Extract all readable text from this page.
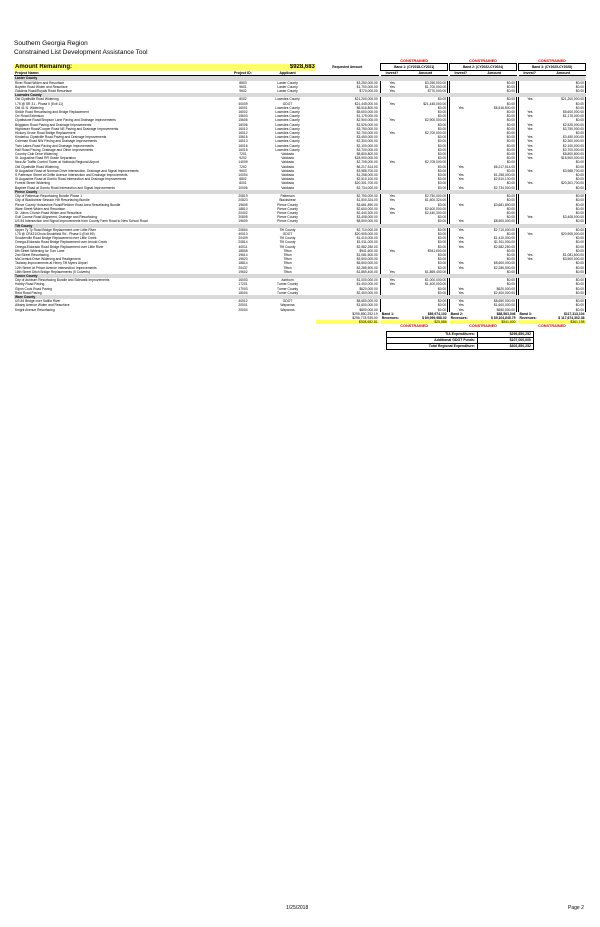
Southern Georgia Region
Constrained List Development Assistance Tool
					CONSTRAINED			CONSTRAINED			CONSTRAINED	
Amount Remaining:		$928,683	Requested Amount		Band 1: (CY2018-CY2021)			Band 2: (CY2022-CY2024)			Band 3: (CY2025-CY2028)	
Project Name:	Project ID:	Applicant			Invest?	Amount		Invest?	Amount		Invest?	Amount
Lanier County												
River Road Widen and Resurface	8803	Lanier County	$3,250,000.00		Yes	$3,250,000.00			$0.00			$0.00
Boyette Road Widen and Resurface	9601	Lanier County	$1,700,000.00		Yes	$1,700,000.00			$0.00			$0.00
Giddens Road/Royals Road Resurface	9602	Lanier County	$770,000.00		Yes	$770,000.00			$0.00			$0.00
Lowndes County												
Old Clyattville Road Widening	8002	Lowndes County	$21,200,000.00			$0.00			$0.00		Yes	$21,200,000.00
I-75 @ SR 31 - Phase II (Exit 11)	40009	GDOT	$21,445,000.00		Yes	$21,445,000.00			$0.00			$0.00
Old 41 N. Widening	16001	Lowndes County	$6,516,800.00			$0.00		Yes	$6,516,800.00			$0.00
Shiloh Road Resurfacing and Bridge Replacement	16002	Lowndes County	$5,600,000.00			$0.00			$0.00		Yes	$5,600,000.00
Orr Road Extension	15603	Lowndes County	$1,175,000.00			$0.00			$0.00		Yes	$1,175,000.00
Clyattstone Road/Simpson Lane Paving and Drainage Improvements	15606	Lowndes County	$2,900,000.00		Yes	$2,900,000.00			$0.00			$0.00
Briggston Road Paving and Drainage Improvements	16006	Lowndes County	$2,525,000.00			$0.00			$0.00		Yes	$2,525,000.00
Hightower Road/Cooper Road NE Paving and Drainage Improvements	16010	Lowndes County	$3,750,000.00			$0.00			$0.00		Yes	$3,750,000.00
Hickory Grove Road Bridge Replacement	16012	Lowndes County	$2,700,000.00		Yes	$2,700,000.00			$0.00			$0.00
Kinderlou Clyattville Road Paving and Drainage Improvements	15616	Lowndes County	$3,450,000.00			$0.00			$0.00		Yes	$3,450,000.00
Coleman Road NW Paving and Drainage Improvements	16013	Lowndes County	$2,300,000.00			$0.00			$0.00		Yes	$2,300,000.00
Twin Lakes Road Paving and Drainage Improvements	16016	Lowndes County	$2,100,000.00			$0.00			$0.00		Yes	$2,100,000.00
Hall Road Paving, Drainage and Other Improvements	16015	Lowndes County	$3,700,000.00			$0.00			$0.00		Yes	$3,700,000.00
Country Club Drive Widening	7201	Valdosta	$8,800,800.00			$0.00			$0.00		Yes	$8,800,800.00
St. Augustine Road RR Grade Separation	9202	Valdosta	$18,900,000.00			$0.00			$0.00		Yes	$18,900,000.00
New Air Traffic Control Tower at Valdosta Regional Airport	14009	Valdosta	$2,705,000.00		Yes	$2,705,000.00			$0.00			$0.00
Old Clyattville Road Widening	7202	Valdosta	$6,217,514.00			$0.00		Yes	$6,217,514.00			$0.00
St Augustine Road at Norman Drive Intersection, Drainage and Signal Improvements	9603	Valdosta	$3,988,700.00			$0.00			$0.00		Yes	$3,988,700.00
S Patterson Street at Griffin Avenue Intersection and Drainage Improvements	10004	Valdosta	$1,258,000.00			$0.00		Yes	$1,258,000.00			$0.00
St Augustine Road at Gornto Road Intersection and Drainage Improvements	8802	Valdosta	$2,510,100.00			$0.00		Yes	$2,510,100.00			$0.00
Forrest Street Widening	8001	Valdosta	$20,301,700.00			$0.00			$0.00		Yes	$20,301,700.00
Baytree Road at Gornto Road Intersection and Signal Improvements	10006	Valdosta	$2,734,000.00			$0.00		Yes	$2,734,000.00			$0.00
Pierce County												
City of Patterson Resurfacing Bundle Phase 1	20819	Patterson	$2,750,000.00		Yes	$2,750,000.00			$0.00			$0.00
City of Blackshear Session HIll Resurfacing Bundle	20823	Blackshear	$1,500,324.00		Yes	$1,500,324.00			$0.00			$0.00
Pierce County Horseshoe Road/Fletcher Road Area Resurfacing Bundle	19605	Pierce County	$3,681,890.00			$0.00		Yes	$3,681,890.00			$0.00
Ware Street Widen and Resurface	18810	Pierce County	$2,600,000.00		Yes	$2,600,000.00			$0.00			$0.00
St. Johns Church Road Widen and Resurface	20402	Pierce County	$2,440,300.00		Yes	$2,440,300.00			$0.00			$0.00
Golf Course Road Alignment, Drainage and Resurfacing	20805	Pierce County	$3,408,000.00			$0.00			$0.00		Yes	$3,408,000.00
US 84 Intersection and Signal Improvements from County Farm Road to New School Road	19609	Pierce County	$8,500,000.00			$0.00		Yes	$8,500,000.00			$0.00
Tift County												
Upper Ty Ty Road Bridge Replacement over Little River	20804	Tift County	$2,710,000.00			$0.00		Yes	$2,710,000.00			$0.00
I-75 @ CR421/Chula Brookfield Rd - Phase II (Exit 69)	40010	GDOT	$20,905,000.00			$0.00			$0.00		Yes	$20,905,000.00
Scooterville Road Bridge Replacement over Little Creek	20409	Tift County	$1,410,000.00			$0.00		Yes	$1,410,000.00			$0.00
Omega-Eldorado Road Bridge Replacement over Arnold Creek	20814	Tift County	$1,911,000.00			$0.00		Yes	$1,911,000.00			$0.00
Omega-Eldorado Road Bridge Replacement over Little River	40011	Tift County	$2,582,250.00			$0.00		Yes	$2,582,250.00			$0.00
8th Street Widening for Turn Lane	18808	Tifton	$941,600.00		Yes	$941,600.00			$0.00			$0.00
2nd Street Resurfacing	19614	Tifton	$1,081,600.00			$0.00			$0.00		Yes	$1,081,600.00
McCormick Drive Widening and Realignment	19620	Tifton	$3,500,000.00			$0.00			$0.00		Yes	$3,500,000.00
Taxiway Improvements at Henry Tift Myers Airport	18814	Tifton	$5,600,000.00			$0.00		Yes	$5,600,000.00			$0.00
12th Street at Prince Avenue Intersection Improvements	20437	Tifton	$2,285,500.00			$0.00		Yes	$2,285,500.00			$0.00
18th Street Ditch Bridge Replacements (5 Culverts)	19602	Tifton	$1,869,400.00		Yes	$1,869,400.00			$0.00			$0.00
Turner County												
City of Ashburn Resurfacing Bundle and Sidewalk Improvements	16003	Ashburn	$1,000,000.00		Yes	$1,000,000.00			$0.00			$0.00
Hobby Road Paving	17201	Turner County	$1,400,000.00		Yes	$1,400,000.00			$0.00			$0.00
Glynn Cook Road Paving	17003	Turner County	$620,000.00			$0.00		Yes	$620,000.00			$0.00
Reid Road Paving	18004	Turner County	$2,400,000.00			$0.00		Yes	$2,400,000.00			$0.00
Ware County												
US 84 Bridge over Satilla River	40012	GDOT	$8,650,000.00			$0.00		Yes	$8,650,000.00			$0.00
Albany Avenue Widen and Resurface	20001	Waycross	$1,600,000.00			$0.00		Yes	$1,600,000.00			$0.00
Knight Avenue Resurfacing	20004	Waycross	$650,000.00			$0.00		Yes	$650,000.00			$0.00
			$295,850,252.19		Band 1:	$89,974,102		Band 2:	$88,563,046		Band 3:	$117,313,104
			$296,778,935.00		Revenues:	$ 89,999,988.02		Revenues:	$ 89,104,645.75		Revenues:	$ 117,674,302.38
			$928,682.81		$25,886			$541,600			$361,198	
					CONSTRAINED			CONSTRAINED			CONSTRAINED	
TIA Expenditures:	$295,850,252
Additional GDOT Funds:	$107,000,000
Total Regional Expenditure:	$402,850,252
1/25/2018	Page 2
